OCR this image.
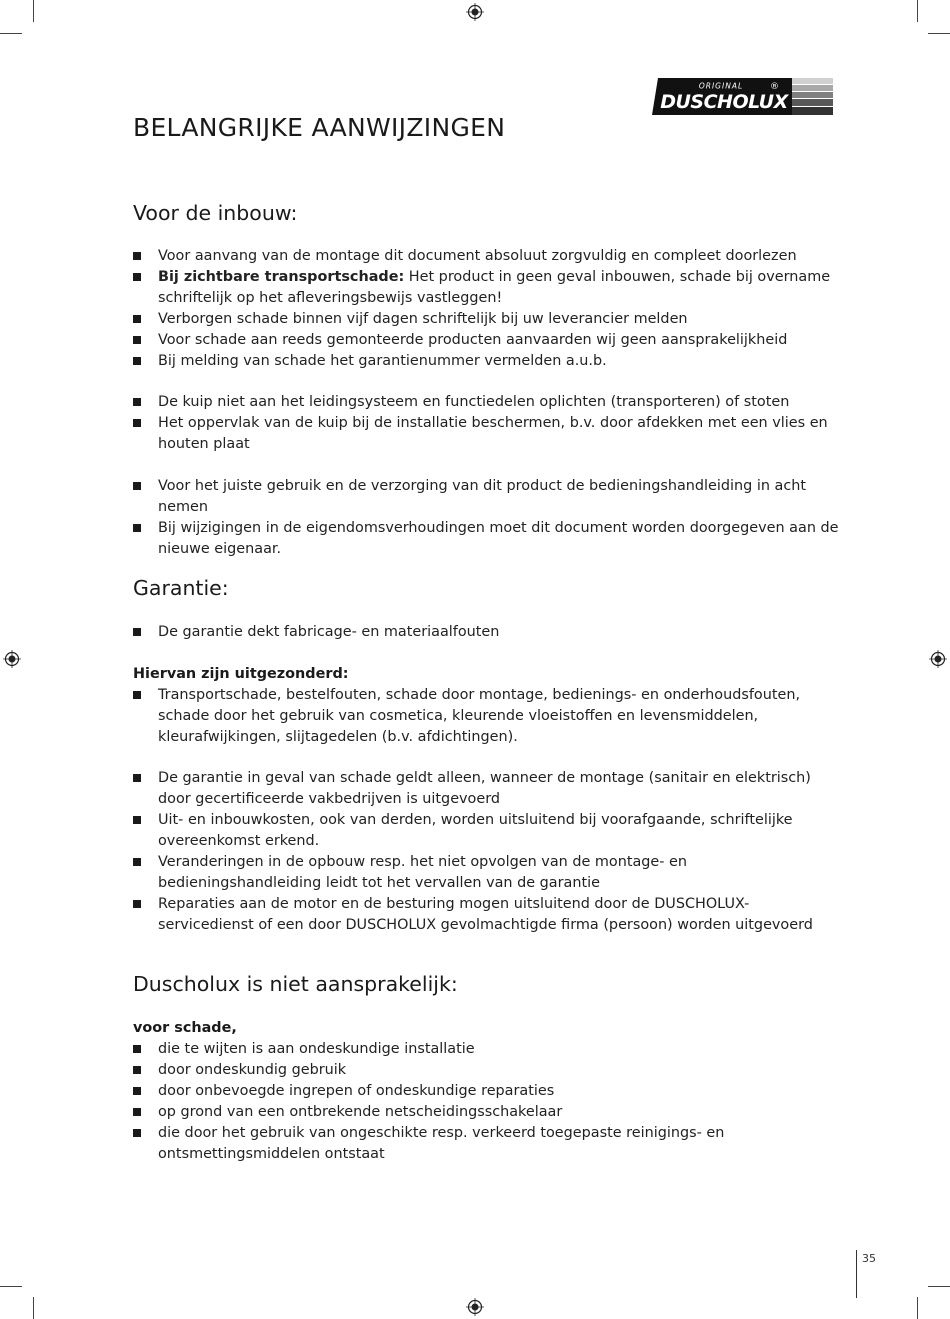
ORIGINAL
DUSCHOLUX
®
BELANGRIJKE AANWIJZINGEN
Voor de inbouw:
Voor aanvang van de montage dit document absoluut zorgvuldig en compleet doorlezen
Bij zichtbare transportschade: Het product in geen geval inbouwen, schade bij overname schriftelijk op het afleveringsbewijs vastleggen!
Verborgen schade binnen vijf dagen schriftelijk bij uw leverancier melden
Voor schade aan reeds gemonteerde producten aanvaarden wij geen aansprakelijkheid
Bij melding van schade het garantienummer vermelden a.u.b.
De kuip niet aan het leidingsysteem en functiedelen oplichten (transporteren) of stoten
Het oppervlak van de kuip bij de installatie beschermen, b.v. door afdekken met een vlies en houten plaat
Voor het juiste gebruik en de verzorging van dit product de bedieningshandleiding in acht nemen
Bij wijzigingen in de eigendomsverhoudingen moet dit document worden doorgegeven aan de nieuwe eigenaar.
Garantie:
De garantie dekt fabricage- en materiaalfouten
Hiervan zijn uitgezonderd:
Transportschade, bestelfouten, schade door montage, bedienings- en onderhoudsfouten, schade door het gebruik van cosmetica, kleurende vloeistoffen en levensmiddelen, kleurafwijkingen, slijtagedelen (b.v. afdichtingen).
De garantie in geval van schade geldt alleen, wanneer de montage (sanitair en elektrisch) door gecertificeerde vakbedrijven is uitgevoerd
Uit- en inbouwkosten, ook van derden, worden uitsluitend bij voorafgaande, schriftelijke overeenkomst erkend.
Veranderingen in de opbouw resp. het niet opvolgen van de montage- en bedieningshandleiding leidt tot het vervallen van de garantie
Reparaties aan de motor en de besturing mogen uitsluitend door de DUSCHOLUX-servicedienst of een door DUSCHOLUX gevolmachtigde firma (persoon) worden uitgevoerd
Duscholux is niet aansprakelijk:
voor schade,
die te wijten is aan ondeskundige installatie
door ondeskundig gebruik
door onbevoegde ingrepen of ondeskundige reparaties
op grond van een ontbrekende netscheidingsschakelaar
die door het gebruik van ongeschikte resp. verkeerd toegepaste reinigings- en ontsmettingsmiddelen ontstaat
35
